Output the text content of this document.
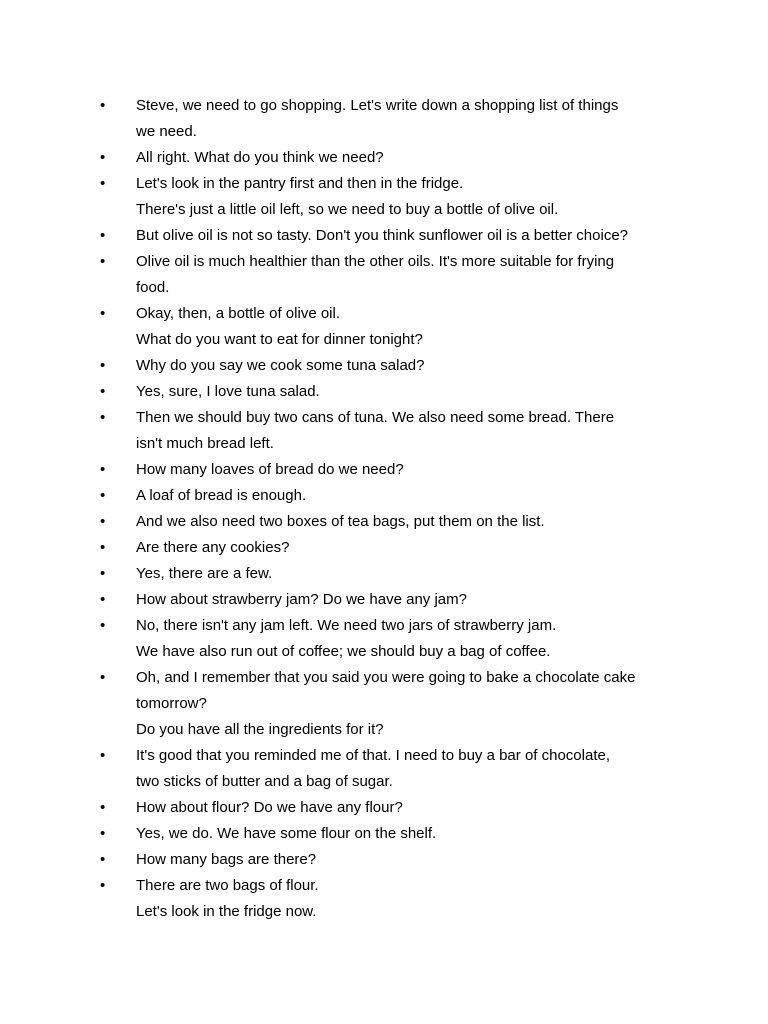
•	Steve, we need to go shopping. Let's write down a shopping list of things
we need.
•	All right. What do you think we need?
•	Let's look in the pantry first and then in the fridge.
There's just a little oil left, so we need to buy a bottle of olive oil.
•	But olive oil is not so tasty. Don't you think sunflower oil is a better choice?
•	Olive oil is much healthier than the other oils. It's more suitable for frying
food.
•	Okay, then, a bottle of olive oil.
What do you want to eat for dinner tonight?
•	Why do you say we cook some tuna salad?
•	Yes, sure, I love tuna salad.
•	Then we should buy two cans of tuna. We also need some bread. There
isn't much bread left.
•	How many loaves of bread do we need?
•	A loaf of bread is enough.
•	And we also need two boxes of tea bags, put them on the list.
•	Are there any cookies?
•	Yes, there are a few.
•	How about strawberry jam? Do we have any jam?
•	No, there isn't any jam left. We need two jars of strawberry jam.
We have also run out of coffee; we should buy a bag of coffee.
•	Oh, and I remember that you said you were going to bake a chocolate cake
tomorrow?
Do you have all the ingredients for it?
•	It's good that you reminded me of that. I need to buy a bar of chocolate,
two sticks of butter and a bag of sugar.
•	How about flour? Do we have any flour?
•	Yes, we do. We have some flour on the shelf.
•	How many bags are there?
•	There are two bags of flour.
Let's look in the fridge now.
